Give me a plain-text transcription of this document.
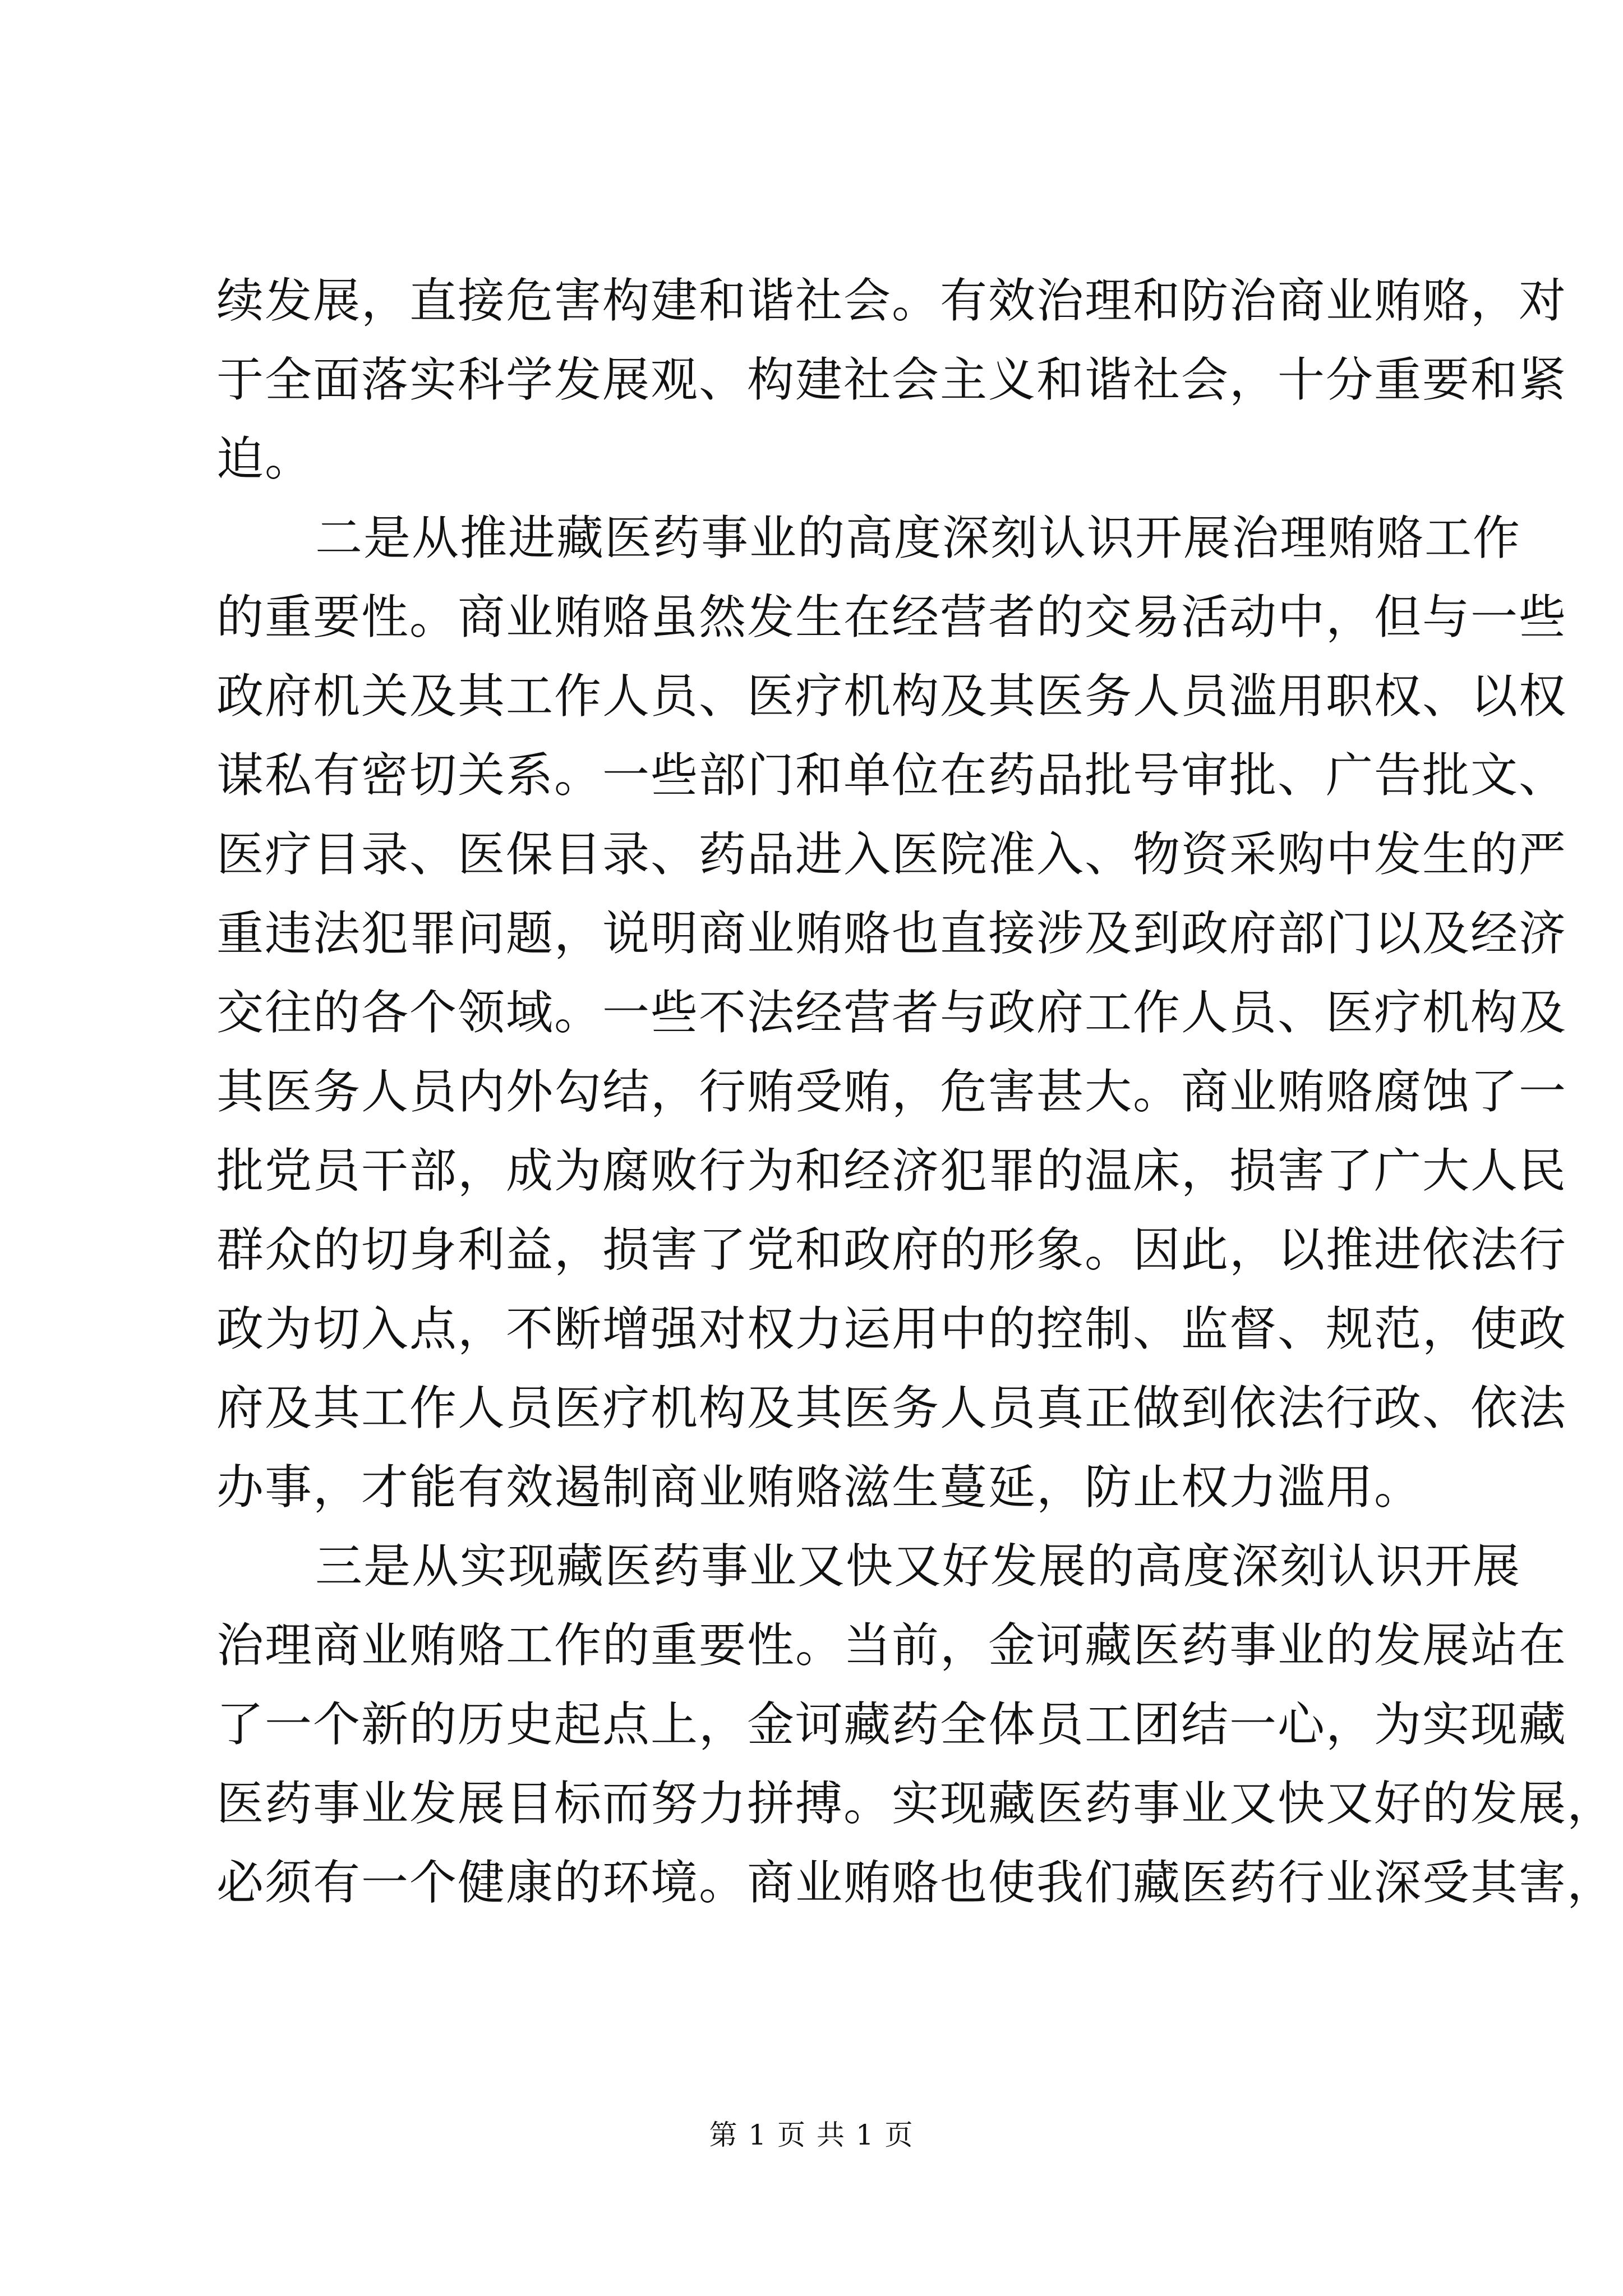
续发展，直接危害构建和谐社会。有效治理和防治商业贿赂，对
于全面落实科学发展观、构建社会主义和谐社会，十分重要和紧
迫。
二是从推进藏医药事业的高度深刻认识开展治理贿赂工作
的重要性。商业贿赂虽然发生在经营者的交易活动中，但与一些
政府机关及其工作人员、医疗机构及其医务人员滥用职权、以权
谋私有密切关系。一些部门和单位在药品批号审批、广告批文、
医疗目录、医保目录、药品进入医院准入、物资采购中发生的严
重违法犯罪问题，说明商业贿赂也直接涉及到政府部门以及经济
交往的各个领域。一些不法经营者与政府工作人员、医疗机构及
其医务人员内外勾结，行贿受贿，危害甚大。商业贿赂腐蚀了一
批党员干部，成为腐败行为和经济犯罪的温床，损害了广大人民
群众的切身利益，损害了党和政府的形象。因此，以推进依法行
政为切入点，不断增强对权力运用中的控制、监督、规范，使政
府及其工作人员医疗机构及其医务人员真正做到依法行政、依法
办事，才能有效遏制商业贿赂滋生蔓延，防止权力滥用。
三是从实现藏医药事业又快又好发展的高度深刻认识开展
治理商业贿赂工作的重要性。当前，金诃藏医药事业的发展站在
了一个新的历史起点上，金诃藏药全体员工团结一心，为实现藏
医药事业发展目标而努力拼搏。实现藏医药事业又快又好的发展，
必须有一个健康的环境。商业贿赂也使我们藏医药行业深受其害，
第 1 页 共 1 页
